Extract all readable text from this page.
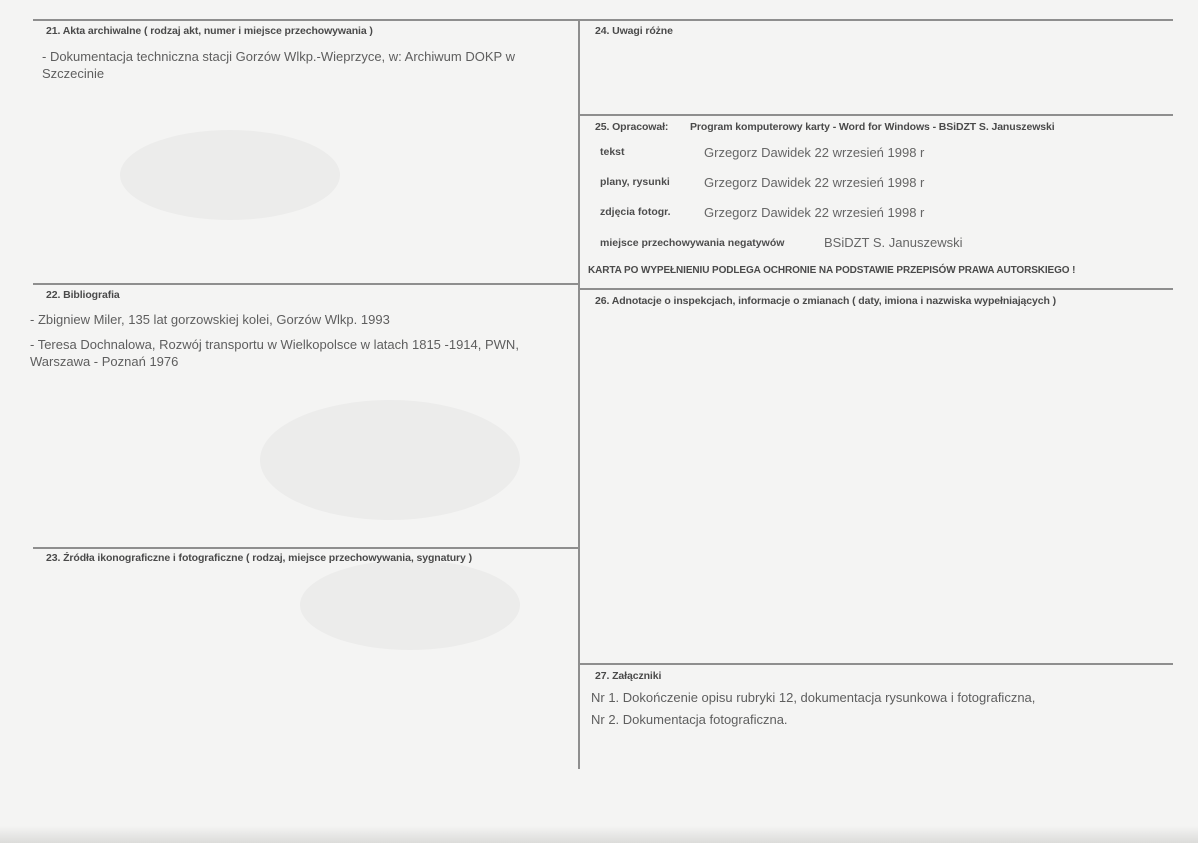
21. Akta archiwalne ( rodzaj akt, numer i miejsce przechowywania )
- Dokumentacja techniczna stacji Gorzów Wlkp.-Wieprzyce, w: Archiwum DOKP w Szczecinie
22. Bibliografia
- Zbigniew Miler, 135 lat gorzowskiej kolei, Gorzów Wlkp. 1993
- Teresa Dochnalowa, Rozwój transportu w Wielkopolsce w latach 1815 -1914, PWN, Warszawa - Poznań 1976
23. Źródła ikonograficzne i fotograficzne ( rodzaj, miejsce przechowywania, sygnatury )
24. Uwagi różne
25. Opracował: Program komputerowy karty - Word for Windows - BSiDZT S. Januszewski
tekst	Grzegorz Dawidek 22 wrzesień 1998 r
plany, rysunki	Grzegorz Dawidek 22 wrzesień 1998 r
zdjęcia fotogr.	Grzegorz Dawidek 22 wrzesień 1998 r
miejsce przechowywania negatywów	BSiDZT S. Januszewski
KARTA PO WYPEŁNIENIU PODLEGA OCHRONIE NA PODSTAWIE PRZEPISÓW PRAWA AUTORSKIEGO !
26. Adnotacje o inspekcjach, informacje o zmianach ( daty, imiona i nazwiska wypełniających )
27. Załączniki
Nr 1. Dokończenie opisu rubryki 12, dokumentacja rysunkowa i fotograficzna,
Nr 2. Dokumentacja fotograficzna.
